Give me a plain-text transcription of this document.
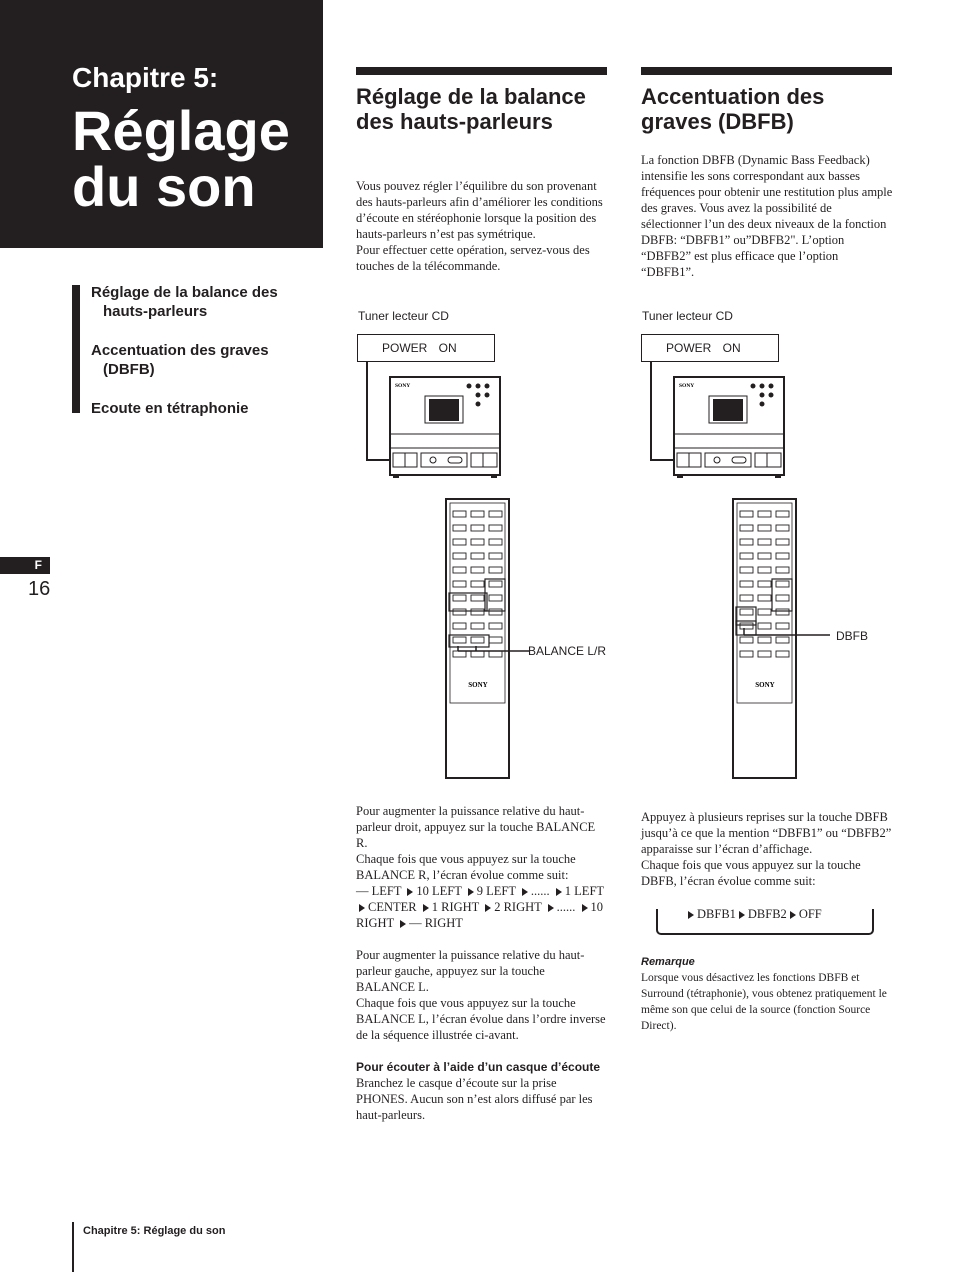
Chapitre 5:
Réglage du son
Réglage de la balance des
hauts-parleurs
Accentuation des graves
(DBFB)
Ecoute en tétraphonie
F
16
Réglage de la balance des hauts-parleurs

Vous pouvez régler l’équilibre du son provenant des hauts-parleurs afin d’améliorer les conditions d’écoute en stéréophonie lorsque la position des hauts-parleurs n’est pas symétrique.

Pour effectuer cette opération, servez-vous des touches de la télécommande.

Tuner lecteur CD
POWER ON
SONY
SONY
BALANCE L/R

Pour augmenter la puissance relative du haut-parleur droit, appuyez sur la touche BALANCE R.

Chaque fois que vous appuyez sur la touche BALANCE R, l’écran évolue comme suit:

— LEFT 10 LEFT 9 LEFT ...... 1 LEFT CENTER 1 RIGHT 2 RIGHT ...... 10 RIGHT — RIGHT

Pour augmenter la puissance relative du haut-parleur gauche, appuyez sur la touche BALANCE L.

Chaque fois que vous appuyez sur la touche BALANCE L, l’écran évolue dans l’ordre inverse de la séquence illustrée ci-avant.

Pour écouter à l’aide d’un casque d’écoute

Branchez le casque d’écoute sur la prise PHONES. Aucun son n’est alors diffusé par les haut-parleurs.

Accentuation des graves (DBFB)
La fonction DBFB (Dynamic Bass Feedback) intensifie les sons correspondant aux basses fréquences pour obtenir une restitution plus ample des graves. Vous avez la possibilité de sélectionner l’un des deux niveaux de la fonction DBFB: “DBFB1” ou”DBFB2". L’option “DBFB2” est plus efficace que l’option “DBFB1”.
Tuner lecteur CD
POWER ON
SONY
SONY
DBFB

Appuyez à plusieurs reprises sur la touche DBFB jusqu’à ce que la mention “DBFB1” ou “DBFB2” apparaisse sur l’écran d’affichage.

Chaque fois que vous appuyez sur la touche DBFB, l’écran évolue comme suit:

DBFB1 DBFB2 OFF
Remarque
Lorsque vous désactivez les fonctions DBFB et Surround (tétraphonie), vous obtenez pratiquement le même son que celui de la source (fonction Source Direct).
Chapitre 5: Réglage du son
